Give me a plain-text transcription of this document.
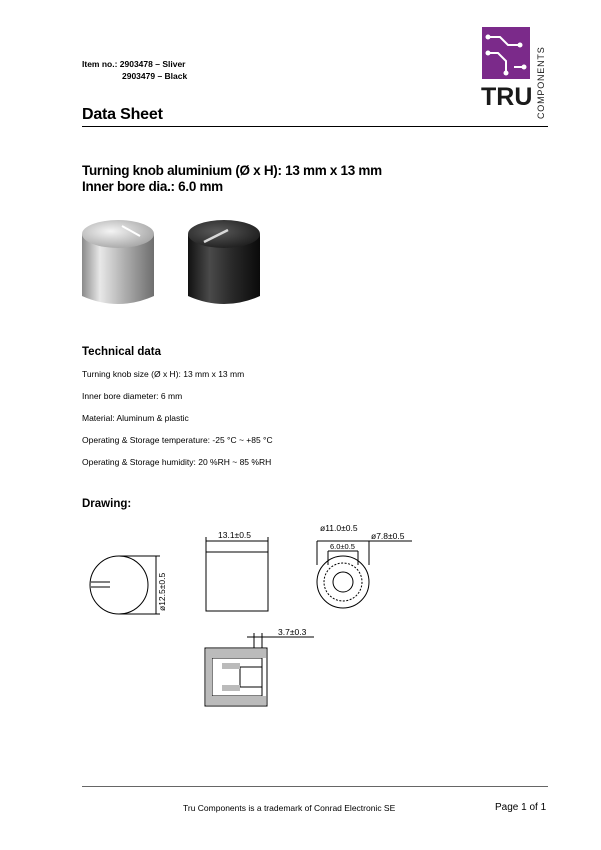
Item no.: 2903478 – Sliver
2903479 – Black
TRU COMPONENTS
Data Sheet
Turning knob aluminium (Ø x H): 13 mm x 13 mm
Inner bore dia.: 6.0 mm
Technical data
Turning knob size (Ø x H): 13 mm x 13 mm
Inner bore diameter: 6 mm
Material: Aluminum & plastic
Operating & Storage temperature: -25 °C ~ +85 °C
Operating & Storage humidity: 20 %RH ~ 85 %RH
Drawing:
ø12.5±0.5
13.1±0.5
ø11.0±0.5
ø7.8±0.5
6.0±0.5
3.7±0.3
Tru Components is a trademark of Conrad Electronic SE	Page 1 of 1
